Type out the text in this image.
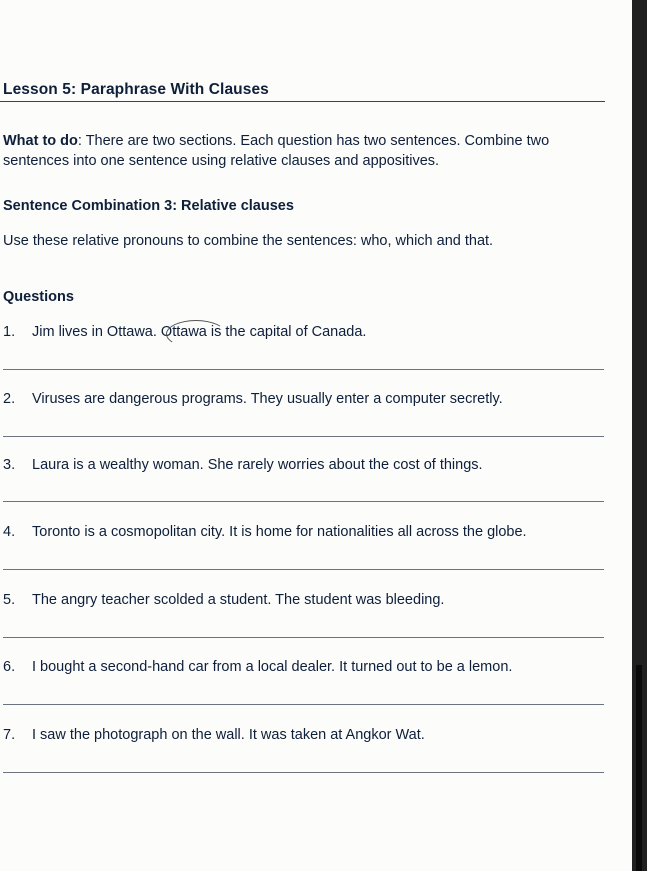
Lesson 5: Paraphrase With Clauses
What to do: There are two sections. Each question has two sentences. Combine two sentences into one sentence using relative clauses and appositives.
Sentence Combination 3: Relative clauses
Use these relative pronouns to combine the sentences: who, which and that.
Questions
1. Jim lives in Ottawa. Ottawa is the capital of Canada.
2. Viruses are dangerous programs. They usually enter a computer secretly.
3. Laura is a wealthy woman. She rarely worries about the cost of things.
4. Toronto is a cosmopolitan city. It is home for nationalities all across the globe.
5. The angry teacher scolded a student. The student was bleeding.
6. I bought a second-hand car from a local dealer. It turned out to be a lemon.
7. I saw the photograph on the wall. It was taken at Angkor Wat.
